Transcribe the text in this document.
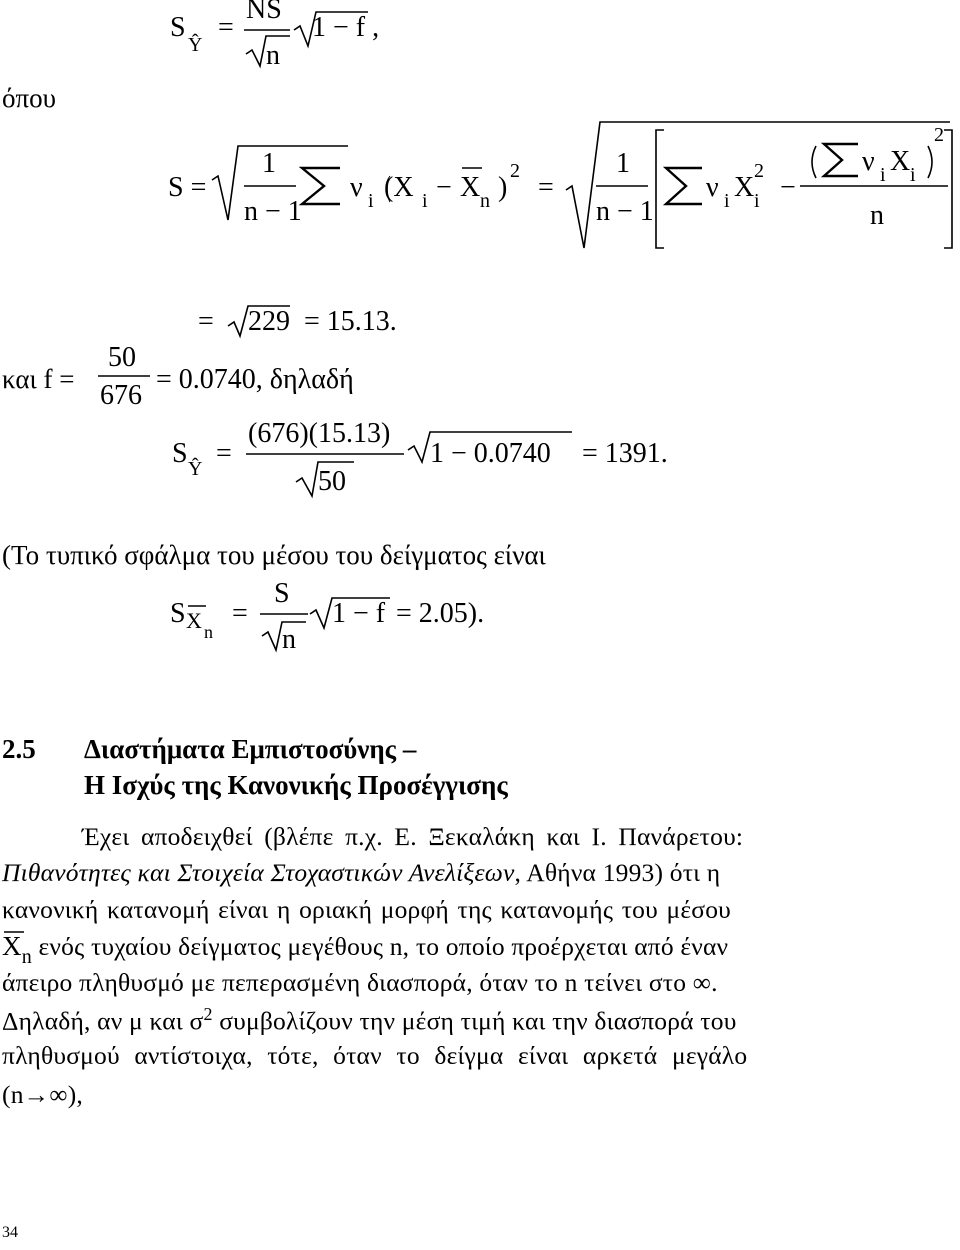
S
Ŷ
=
NS
n
1 − f ,
όπου
S =
1
n − 1
ν i (X i − X n )
2
=
1
n − 1
ν i X
2
i −
ν i X i
2
n
= 229 = 15.13.
και f =
50
676
= 0.0740, δηλαδή
S Ŷ =
(676)(15.13)
50
1 − 0.0740 = 1391.
(Το τυπικό σφάλμα του μέσου του δείγματος είναι
S X n
=
S
n
1 − f = 2.05).
2.5 Διαστήματα Εμπιστοσύνης –
Η Ισχύς της Κανονικής Προσέγγισης
Έχει αποδειχθεί (βλέπε π.χ. Ε. Ξεκαλάκη και Ι. Πανάρετου:
Πιθανότητες και Στοιχεία Στοχαστικών Ανελίξεων, Αθήνα 1993) ότι η
κανονική κατανομή είναι η οριακή μορφή της κατανομής του μέσου
$X_n$ ενός τυχαίου δείγματος μεγέθους n, το οποίο προέρχεται από έναν
άπειρο πληθυσμό με πεπερασμένη διασπορά, όταν το n τείνει στο ∞.
Δηλαδή, αν μ και $\sigma^2$ συμβολίζουν την μέση τιμή και την διασπορά του
πληθυσμού αντίστοιχα, τότε, όταν το δείγμα είναι αρκετά μεγάλο
(n→∞),
34
